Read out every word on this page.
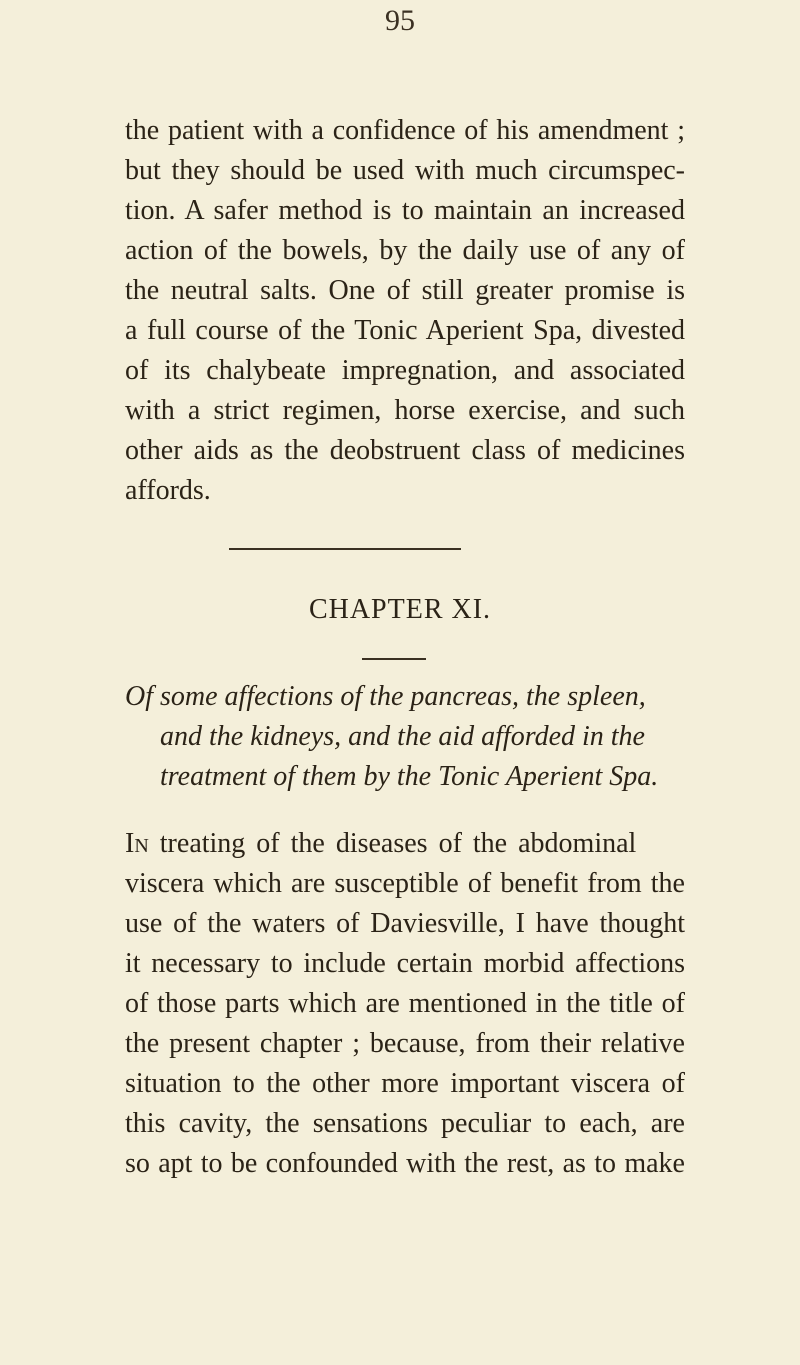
95
the patient with a confidence of his amendment ;
but they should be used with much circumspec-
tion. A safer method is to maintain an increased
action of the bowels, by the daily use of any of
the neutral salts. One of still greater promise is
a full course of the Tonic Aperient Spa, divested
of its chalybeate impregnation, and associated
with a strict regimen, horse exercise, and such
other aids as the deobstruent class of medicines
affords.
CHAPTER XI.
Of some affections of the pancreas, the spleen,
and the kidneys, and the aid afforded in the
treatment of them by the Tonic Aperient Spa.
In treating of the diseases of the abdominal
viscera which are susceptible of benefit from the
use of the waters of Daviesville, I have thought
it necessary to include certain morbid affections
of those parts which are mentioned in the title of
the present chapter ; because, from their relative
situation to the other more important viscera of
this cavity, the sensations peculiar to each, are
so apt to be confounded with the rest, as to make
